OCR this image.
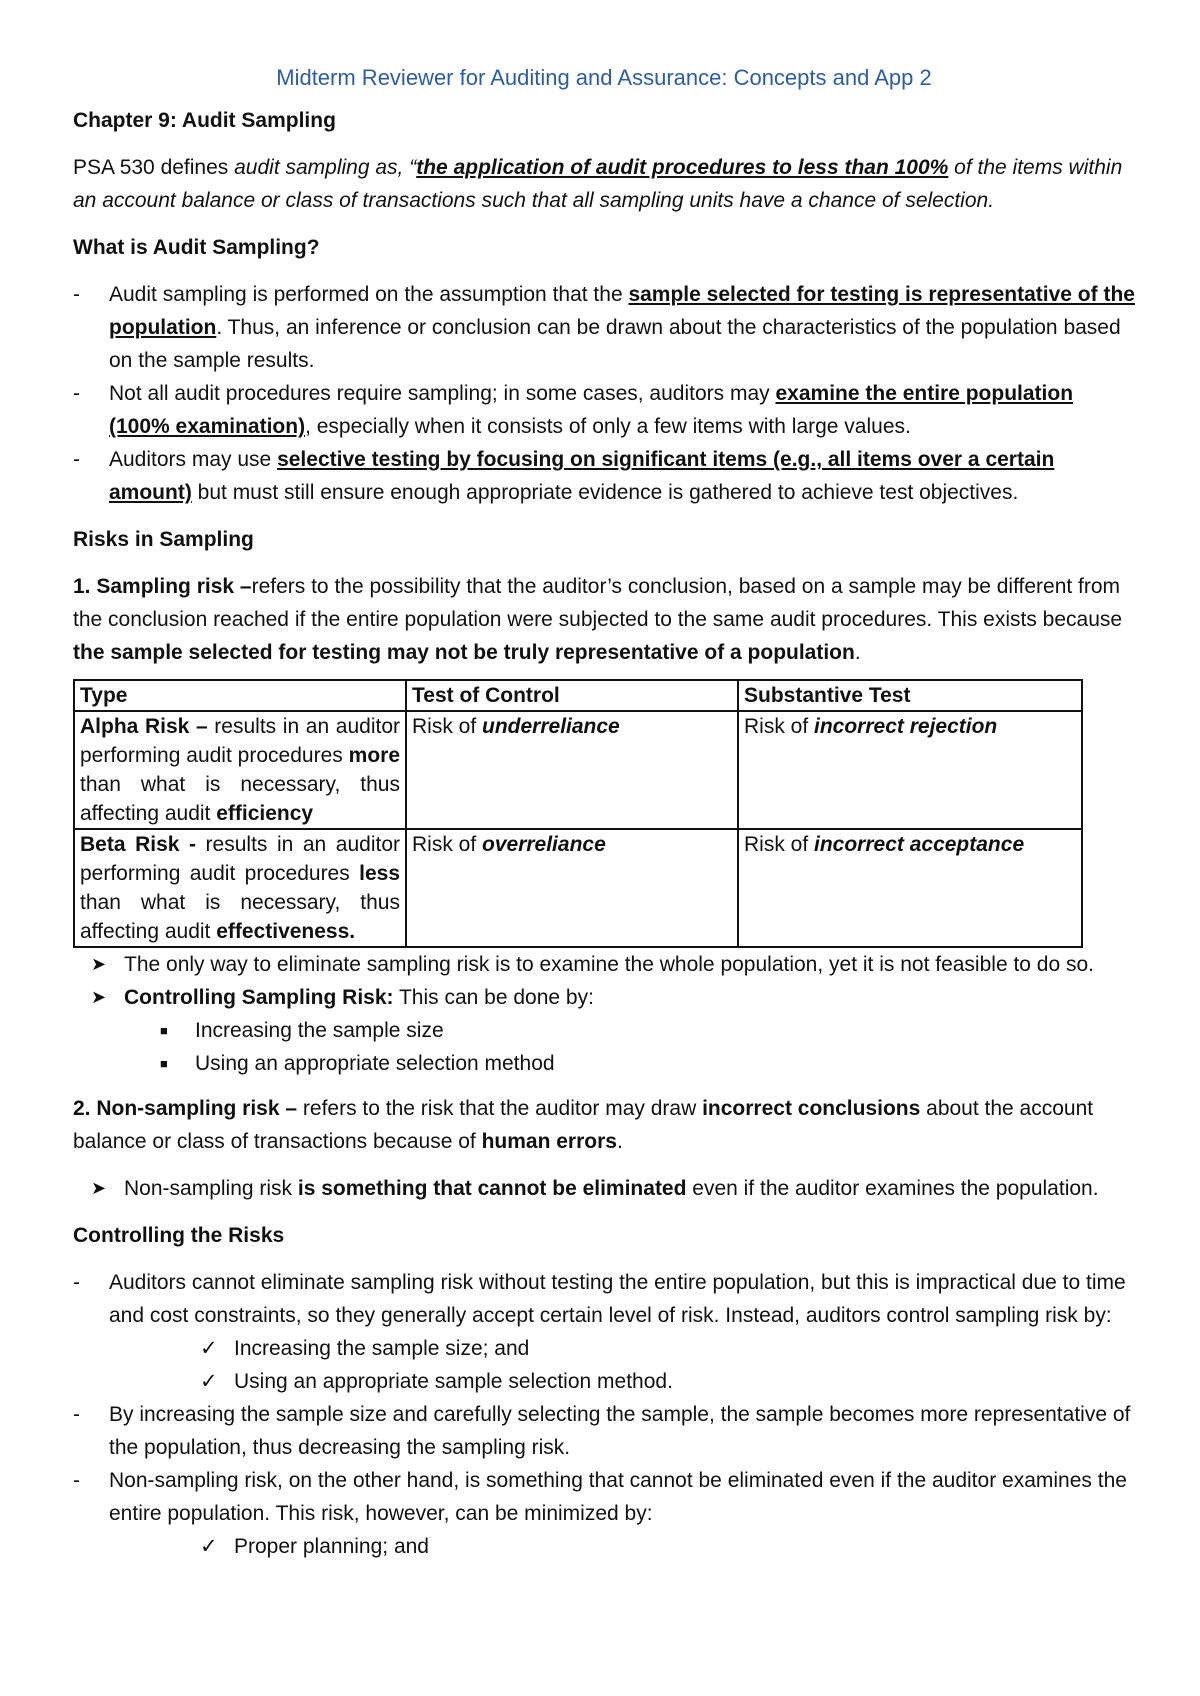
Midterm Reviewer for Auditing and Assurance: Concepts and App 2

Chapter 9: Audit Sampling

PSA 530 defines audit sampling as, “the application of audit procedures to less than 100% of the items within an account balance or class of transactions such that all sampling units have a chance of selection.

What is Audit Sampling?

- Audit sampling is performed on the assumption that the sample selected for testing is representative of the population. Thus, an inference or conclusion can be drawn about the characteristics of the population based on the sample results.
- Not all audit procedures require sampling; in some cases, auditors may examine the entire population (100% examination), especially when it consists of only a few items with large values.
- Auditors may use selective testing by focusing on significant items (e.g., all items over a certain amount) but must still ensure enough appropriate evidence is gathered to achieve test objectives.

Risks in Sampling

1. Sampling risk –refers to the possibility that the auditor’s conclusion, based on a sample may be different from the conclusion reached if the entire population were subjected to the same audit procedures. This exists because the sample selected for testing may not be truly representative of a population.

Type	Test of Control	Substantive Test
Alpha Risk – results in an auditor performing audit procedures more than what is necessary, thus affecting audit efficiency	Risk of underreliance	Risk of incorrect rejection
Beta Risk - results in an auditor performing audit procedures less than what is necessary, thus affecting audit effectiveness.	Risk of overreliance	Risk of incorrect acceptance
➤ The only way to eliminate sampling risk is to examine the whole population, yet it is not feasible to do so.
➤ Controlling Sampling Risk: This can be done by:
■ Increasing the sample size
■ Using an appropriate selection method

2. Non-sampling risk – refers to the risk that the auditor may draw incorrect conclusions about the account balance or class of transactions because of human errors.

➤ Non-sampling risk is something that cannot be eliminated even if the auditor examines the population.

Controlling the Risks

- Auditors cannot eliminate sampling risk without testing the entire population, but this is impractical due to time and cost constraints, so they generally accept certain level of risk. Instead, auditors control sampling risk by:
✓ Increasing the sample size; and
✓ Using an appropriate sample selection method.
- By increasing the sample size and carefully selecting the sample, the sample becomes more representative of the population, thus decreasing the sampling risk.
- Non-sampling risk, on the other hand, is something that cannot be eliminated even if the auditor examines the entire population. This risk, however, can be minimized by:
✓ Proper planning; and
